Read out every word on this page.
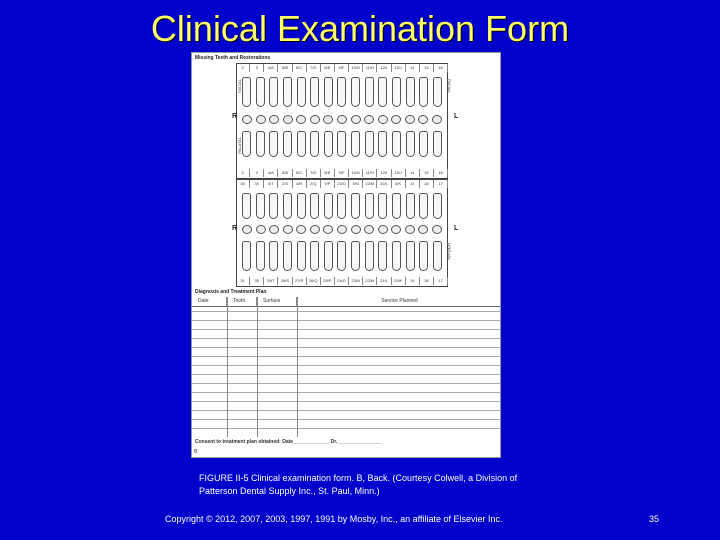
Clinical Examination Form
Missing Teeth and Restorations
2	3	4/A	5/B	6/C	7/D	8/E	9/F	10/G	11/H	12/I	13/J	14	15	16
2	3	4/A	5/B	6/C	7/D	8/E	9/F	10/G	11/H	12/I	13/J	14	15	16
R	L
FACIAL
PALATAL
FACIAL
30	30	4/T	2/S	4/R	2/Q	9/P	23/O	5/N	22/M	20/L	5/K	14	18	17
31	30	29/T	28/S	27/R	26/Q	25/P	24/O	23/N	22/M	21/L	20/K	19	18	17
R	L
LINGUAL
Diagnosis and Treatment Plan
Date	Tooth	Surface	Service Planned
Consent to treatment plan obtained: Date_____________ Dr.________________
B
FIGURE II-5 Clinical examination form. B, Back. (Courtesy Colwell, a Division of Patterson Dental Supply Inc., St. Paul, Minn.)
Copyright © 2012, 2007, 2003, 1997, 1991 by Mosby, Inc., an affiliate of Elsevier Inc.	35
